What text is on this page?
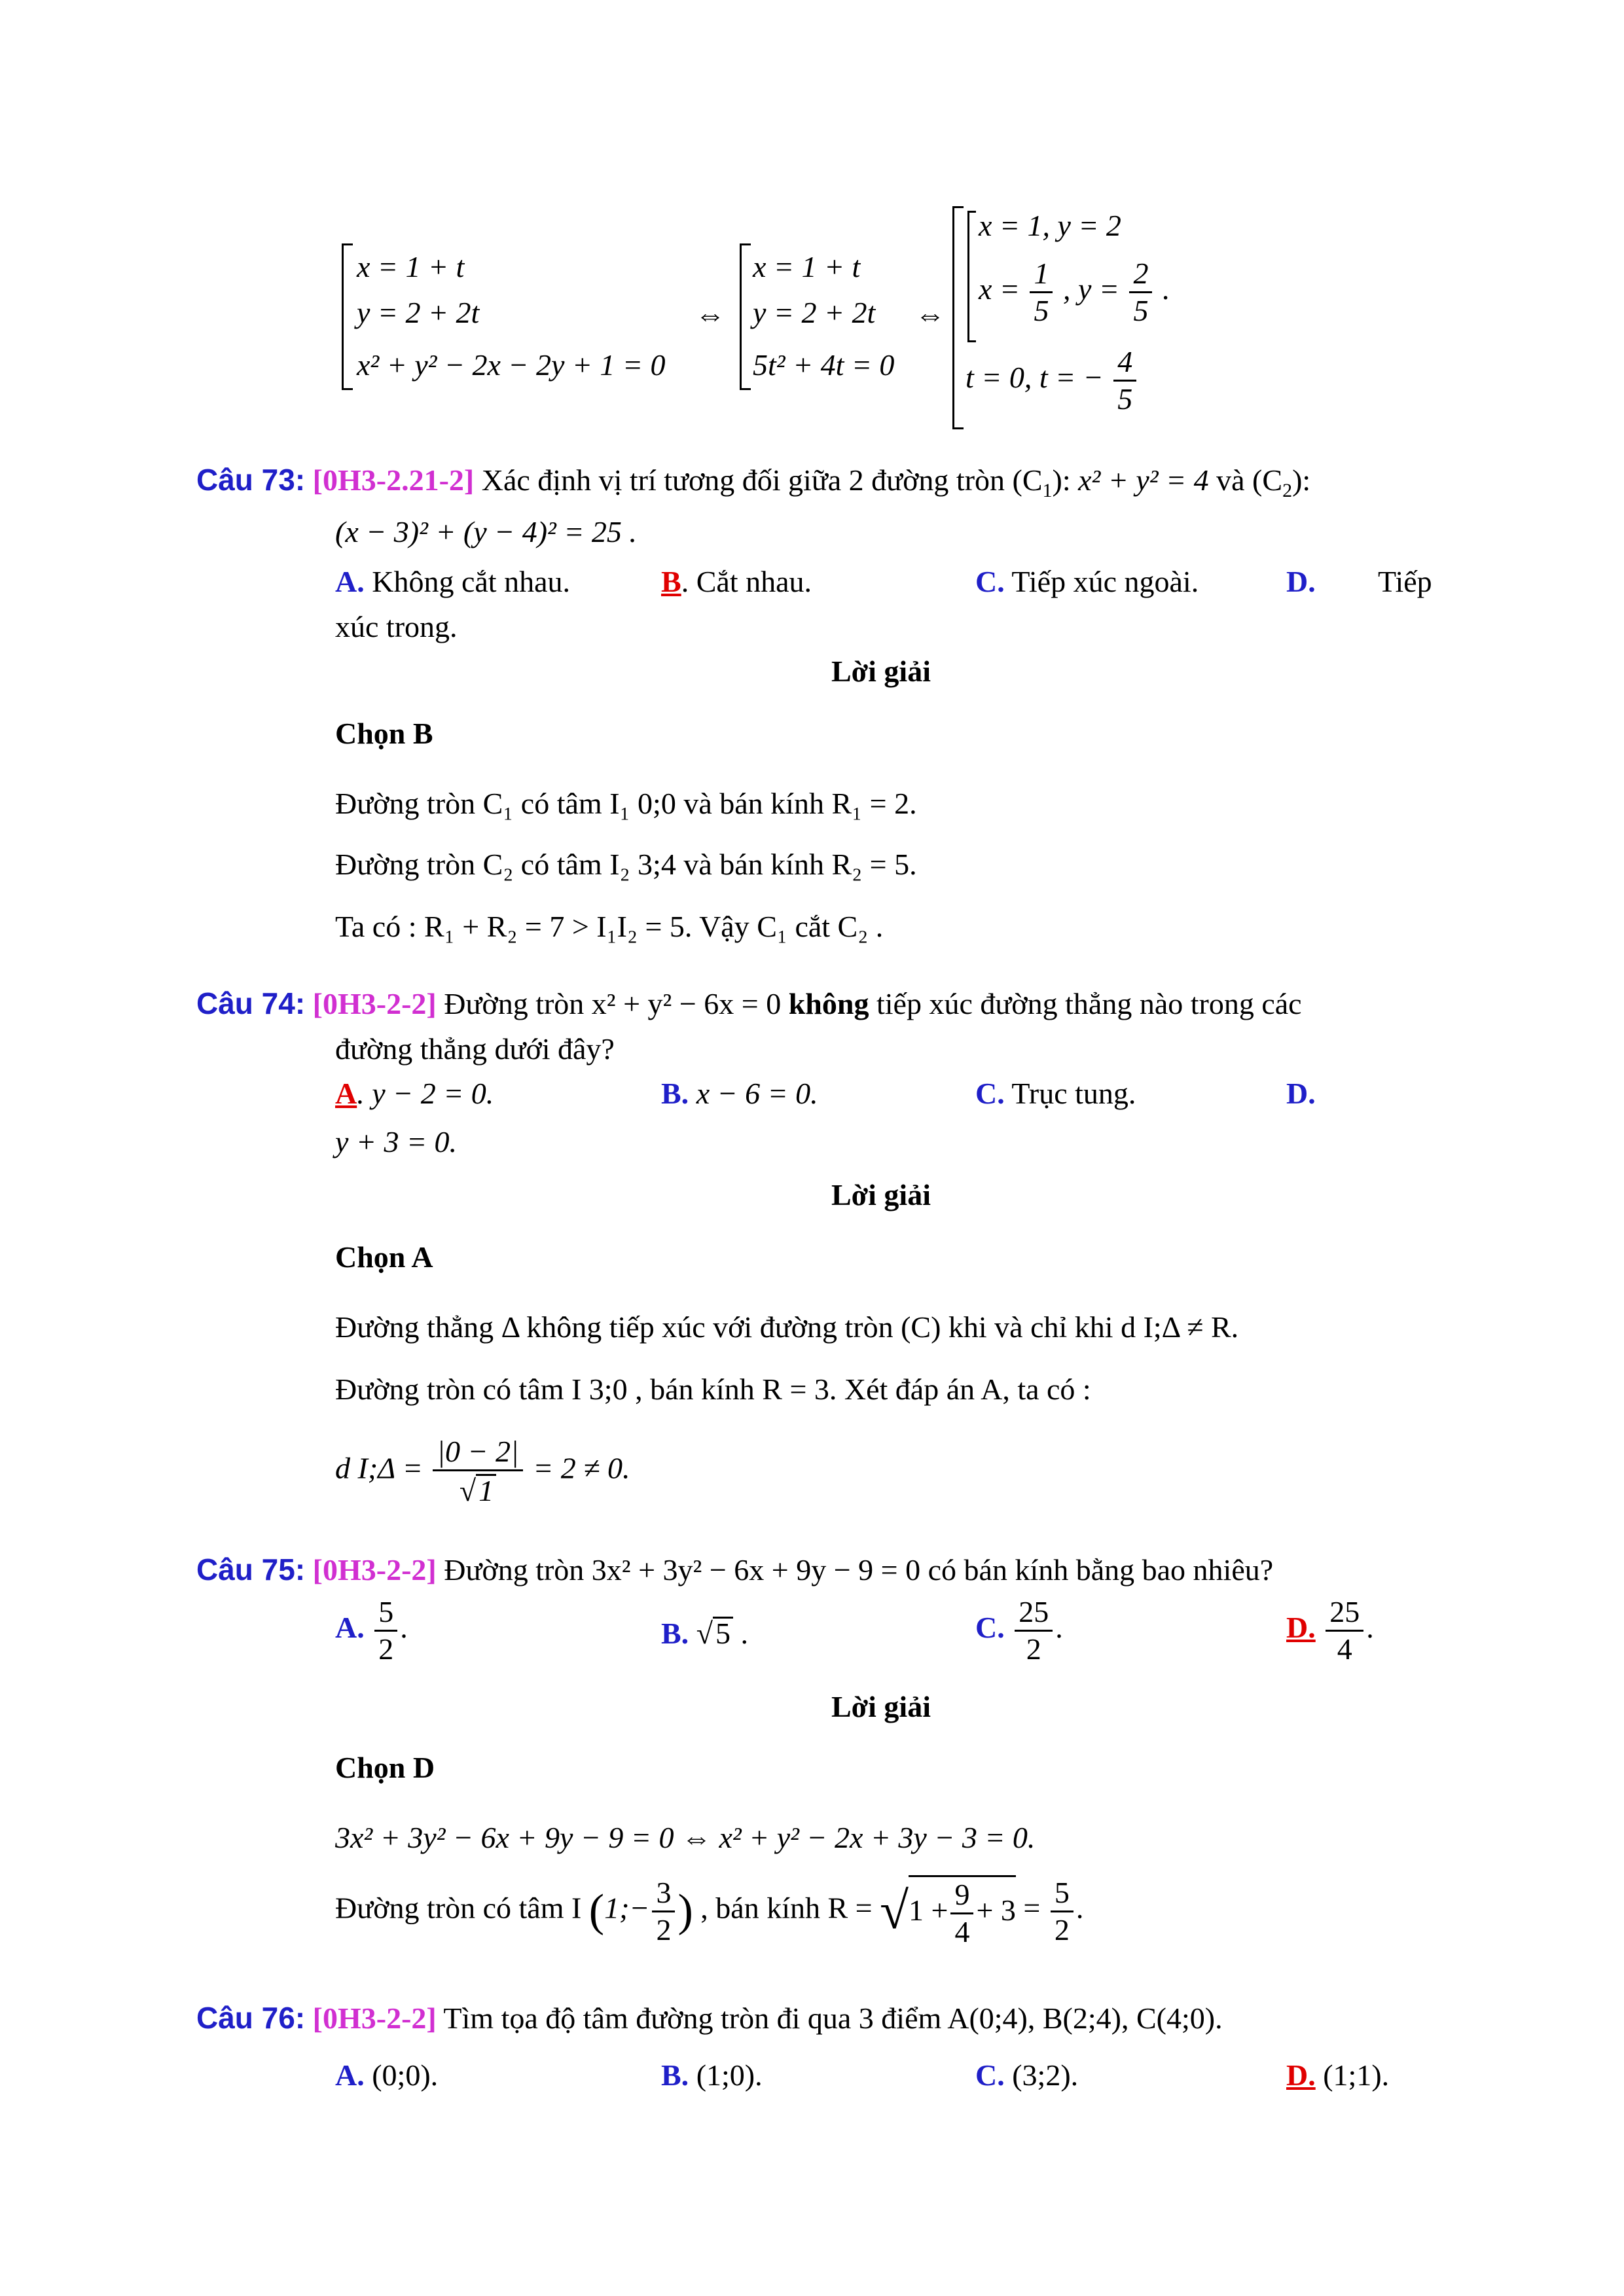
x = 1 + t
y = 2 + 2t
x² + y² − 2x − 2y + 1 = 0
⇔
x = 1 + t
y = 2 + 2t
5t² + 4t = 0
⇔
x = 1, y = 2
$x = \frac{1}{5}$ , $y = \frac{2}{5}$ .
t = 0, t = − $\frac{4}{5}$
Câu 73: [0H3-2.21-2] Xác định vị trí tương đối giữa 2 đường tròn $(C_1)$: x² + y² = 4 và $(C_2)$:
(x − 3)² + (y − 4)² = 25 .
A. Không cắt nhau.	B. Cắt nhau.	C. Tiếp xúc ngoài.	D. Tiếp
xúc trong.
Lời giải
Chọn B
Đường tròn C₁ có tâm I₁ 0;0 và bán kính R₁ = 2.
Đường tròn C₂ có tâm I₂ 3;4 và bán kính R₂ = 5.
Ta có : R₁ + R₂ = 7 > I₁I₂ = 5. Vậy C₁ cắt C₂ .
Câu 74: [0H3-2-2] Đường tròn x² + y² − 6x = 0 không tiếp xúc đường thẳng nào trong các
đường thẳng dưới đây?
A. y − 2 = 0.	B. x − 6 = 0.	C. Trục tung.	D.
y + 3 = 0.
Lời giải
Chọn A
Đường thẳng Δ không tiếp xúc với đường tròn (C) khi và chỉ khi d I;Δ ≠ R.
Đường tròn có tâm I 3;0 , bán kính R = 3. Xét đáp án A, ta có :
d I;Δ = $\frac{|0 - 2|}{√1} = 2 \ne 0$.
Câu 75: [0H3-2-2] Đường tròn 3x² + 3y² − 6x + 9y − 9 = 0 có bán kính bằng bao nhiêu?
A. $\frac{5}{2}$ .	B. √5 .	C. $\frac{25}{2}$ .	D. $\frac{25}{4}$ .
Lời giải
Chọn D
3x² + 3y² − 6x + 9y − 9 = 0 ⇔ x² + y² − 2x + 3y − 3 = 0.
Đường tròn có tâm I (1;− $\frac{3}{2}$ ) , bán kính $R = √1 + \frac{9}{4} + 3 = \frac{5}{2}$ .
Câu 76: [0H3-2-2] Tìm tọa độ tâm đường tròn đi qua 3 điểm A(0;4), B(2;4), C(4;0).
A. (0;0).	B. (1;0).	C. (3;2).	D. (1;1).
